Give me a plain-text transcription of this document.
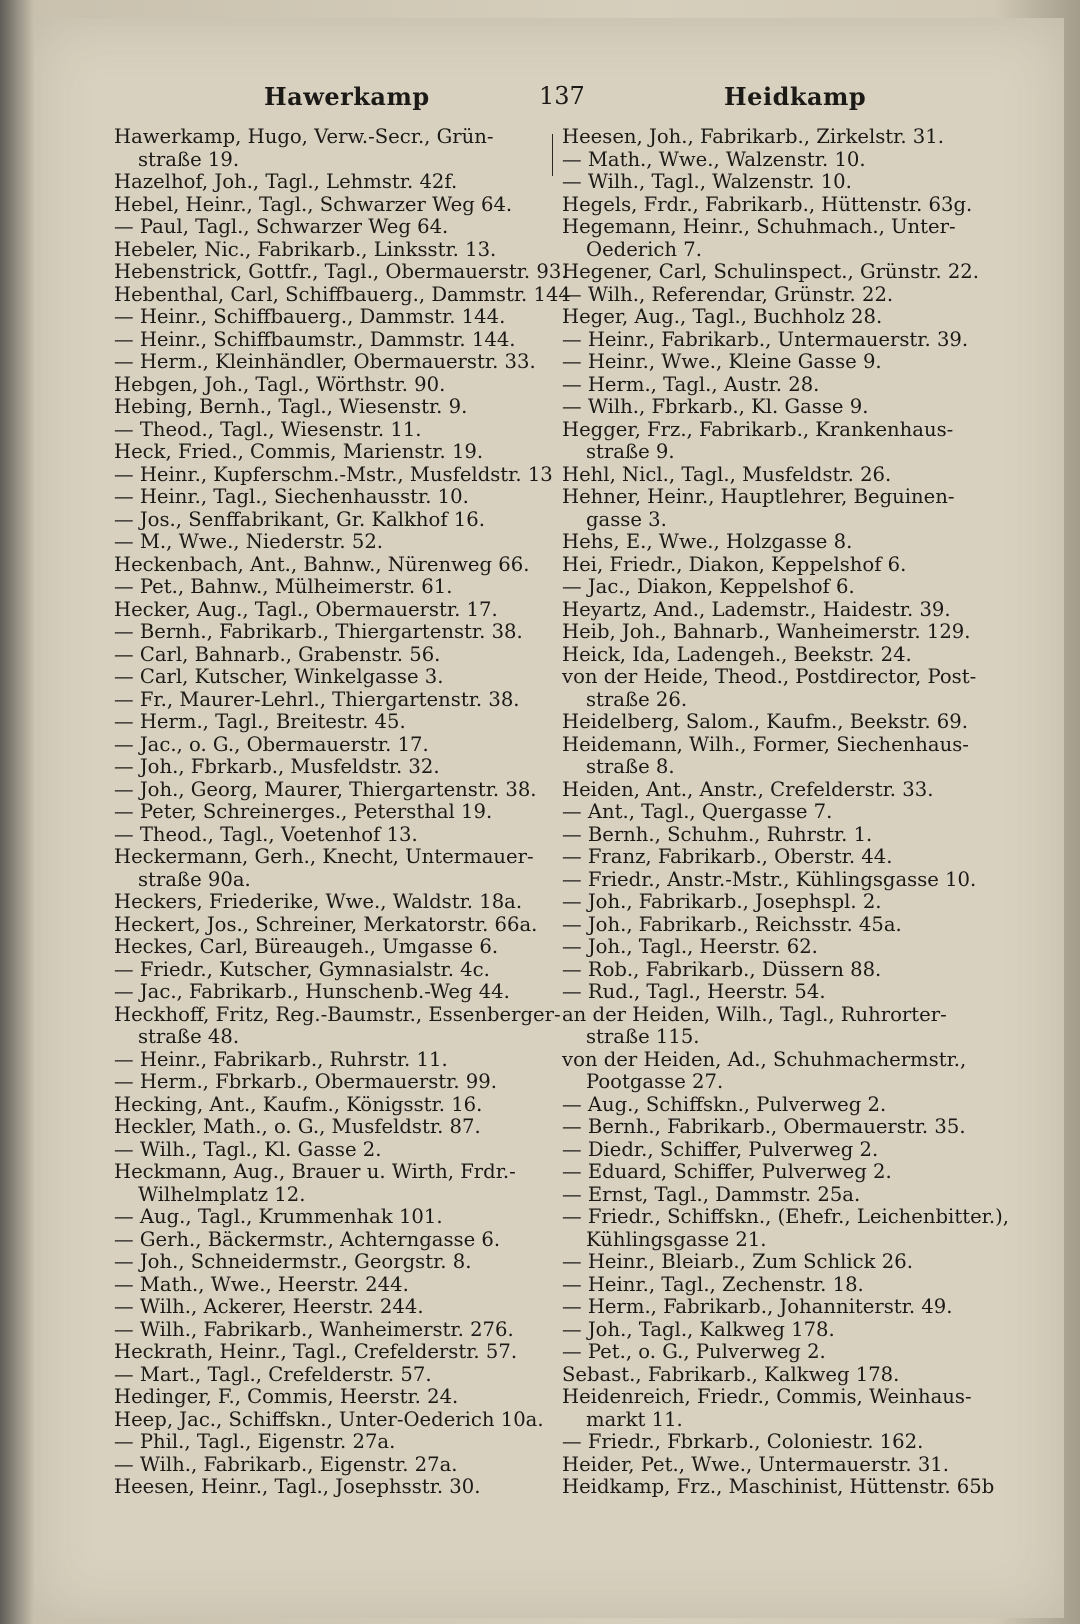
Hawerkamp	137	Heidkamp
Hawerkamp, Hugo, Verw.-Secr., Grün-
straße 19.
Hazelhof, Joh., Tagl., Lehmstr. 42f.
Hebel, Heinr., Tagl., Schwarzer Weg 64.
— Paul, Tagl., Schwarzer Weg 64.
Hebeler, Nic., Fabrikarb., Linksstr. 13.
Hebenstrick, Gottfr., Tagl., Obermauerstr. 93.
Hebenthal, Carl, Schiffbauerg., Dammstr. 144
— Heinr., Schiffbauerg., Dammstr. 144.
— Heinr., Schiffbaumstr., Dammstr. 144.
— Herm., Kleinhändler, Obermauerstr. 33.
Hebgen, Joh., Tagl., Wörthstr. 90.
Hebing, Bernh., Tagl., Wiesenstr. 9.
— Theod., Tagl., Wiesenstr. 11.
Heck, Fried., Commis, Marienstr. 19.
— Heinr., Kupferschm.-Mstr., Musfeldstr. 13
— Heinr., Tagl., Siechenhausstr. 10.
— Jos., Senffabrikant, Gr. Kalkhof 16.
— M., Wwe., Niederstr. 52.
Heckenbach, Ant., Bahnw., Nürenweg 66.
— Pet., Bahnw., Mülheimerstr. 61.
Hecker, Aug., Tagl., Obermauerstr. 17.
— Bernh., Fabrikarb., Thiergartenstr. 38.
— Carl, Bahnarb., Grabenstr. 56.
— Carl, Kutscher, Winkelgasse 3.
— Fr., Maurer-Lehrl., Thiergartenstr. 38.
— Herm., Tagl., Breitestr. 45.
— Jac., o. G., Obermauerstr. 17.
— Joh., Fbrkarb., Musfeldstr. 32.
— Joh., Georg, Maurer, Thiergartenstr. 38.
— Peter, Schreinerges., Petersthal 19.
— Theod., Tagl., Voetenhof 13.
Heckermann, Gerh., Knecht, Untermauer-
straße 90a.
Heckers, Friederike, Wwe., Waldstr. 18a.
Heckert, Jos., Schreiner, Merkatorstr. 66a.
Heckes, Carl, Büreaugeh., Umgasse 6.
— Friedr., Kutscher, Gymnasialstr. 4c.
— Jac., Fabrikarb., Hunschenb.-Weg 44.
Heckhoff, Fritz, Reg.-Baumstr., Essenberger-
straße 48.
— Heinr., Fabrikarb., Ruhrstr. 11.
— Herm., Fbrkarb., Obermauerstr. 99.
Hecking, Ant., Kaufm., Königsstr. 16.
Heckler, Math., o. G., Musfeldstr. 87.
— Wilh., Tagl., Kl. Gasse 2.
Heckmann, Aug., Brauer u. Wirth, Frdr.-
Wilhelmplatz 12.
— Aug., Tagl., Krummenhak 101.
— Gerh., Bäckermstr., Achterngasse 6.
— Joh., Schneidermstr., Georgstr. 8.
— Math., Wwe., Heerstr. 244.
— Wilh., Ackerer, Heerstr. 244.
— Wilh., Fabrikarb., Wanheimerstr. 276.
Heckrath, Heinr., Tagl., Crefelderstr. 57.
— Mart., Tagl., Crefelderstr. 57.
Hedinger, F., Commis, Heerstr. 24.
Heep, Jac., Schiffskn., Unter-Oederich 10a.
— Phil., Tagl., Eigenstr. 27a.
— Wilh., Fabrikarb., Eigenstr. 27a.
Heesen, Heinr., Tagl., Josephsstr. 30.
Heesen, Joh., Fabrikarb., Zirkelstr. 31.
— Math., Wwe., Walzenstr. 10.
— Wilh., Tagl., Walzenstr. 10.
Hegels, Frdr., Fabrikarb., Hüttenstr. 63g.
Hegemann, Heinr., Schuhmach., Unter-
Oederich 7.
Hegener, Carl, Schulinspect., Grünstr. 22.
— Wilh., Referendar, Grünstr. 22.
Heger, Aug., Tagl., Buchholz 28.
— Heinr., Fabrikarb., Untermauerstr. 39.
— Heinr., Wwe., Kleine Gasse 9.
— Herm., Tagl., Austr. 28.
— Wilh., Fbrkarb., Kl. Gasse 9.
Hegger, Frz., Fabrikarb., Krankenhaus-
straße 9.
Hehl, Nicl., Tagl., Musfeldstr. 26.
Hehner, Heinr., Hauptlehrer, Beguinen-
gasse 3.
Hehs, E., Wwe., Holzgasse 8.
Hei, Friedr., Diakon, Keppelshof 6.
— Jac., Diakon, Keppelshof 6.
Heyartz, And., Lademstr., Haidestr. 39.
Heib, Joh., Bahnarb., Wanheimerstr. 129.
Heick, Ida, Ladengeh., Beekstr. 24.
von der Heide, Theod., Postdirector, Post-
straße 26.
Heidelberg, Salom., Kaufm., Beekstr. 69.
Heidemann, Wilh., Former, Siechenhaus-
straße 8.
Heiden, Ant., Anstr., Crefelderstr. 33.
— Ant., Tagl., Quergasse 7.
— Bernh., Schuhm., Ruhrstr. 1.
— Franz, Fabrikarb., Oberstr. 44.
— Friedr., Anstr.-Mstr., Kühlingsgasse 10.
— Joh., Fabrikarb., Josephspl. 2.
— Joh., Fabrikarb., Reichsstr. 45a.
— Joh., Tagl., Heerstr. 62.
— Rob., Fabrikarb., Düssern 88.
— Rud., Tagl., Heerstr. 54.
an der Heiden, Wilh., Tagl., Ruhrorter-
straße 115.
von der Heiden, Ad., Schuhmachermstr.,
Pootgasse 27.
— Aug., Schiffskn., Pulverweg 2.
— Bernh., Fabrikarb., Obermauerstr. 35.
— Diedr., Schiffer, Pulverweg 2.
— Eduard, Schiffer, Pulverweg 2.
— Ernst, Tagl., Dammstr. 25a.
— Friedr., Schiffskn., (Ehefr., Leichenbitter.),
Kühlingsgasse 21.
— Heinr., Bleiarb., Zum Schlick 26.
— Heinr., Tagl., Zechenstr. 18.
— Herm., Fabrikarb., Johanniterstr. 49.
— Joh., Tagl., Kalkweg 178.
— Pet., o. G., Pulverweg 2.
Sebast., Fabrikarb., Kalkweg 178.
Heidenreich, Friedr., Commis, Weinhaus-
markt 11.
— Friedr., Fbrkarb., Coloniestr. 162.
Heider, Pet., Wwe., Untermauerstr. 31.
Heidkamp, Frz., Maschinist, Hüttenstr. 65b
